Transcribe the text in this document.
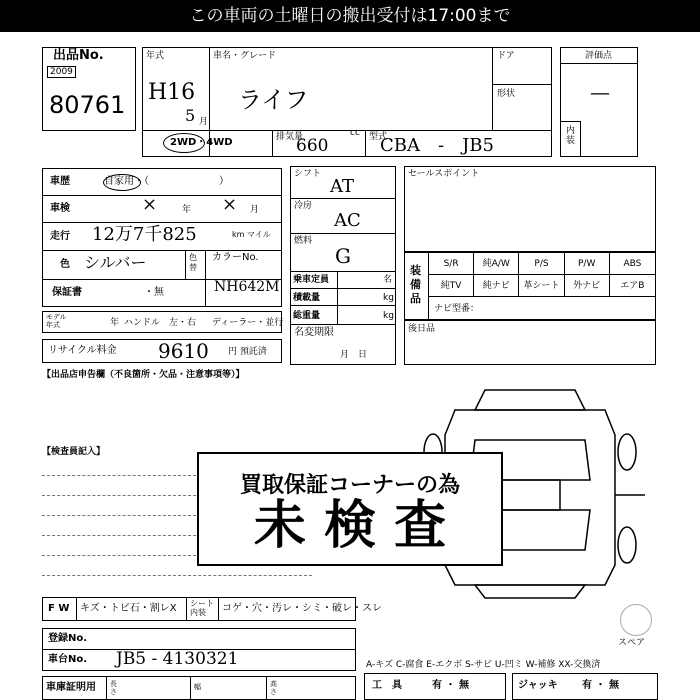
この車両の土曜日の搬出受付は17:00まで
出品No.
2009
80761
年式
H16
5 月
車名・グレード
ライフ
ドア
形状
2WD・4WD	排気量	cc
660	型式
CBA　-　JB5
評価点
—
内装
車歴	自家用・（　　　　　　　）
車検	×	年 × 月
走行 12万7千825	km マイル
色 シルバー	色替
カラーNo.
NH642M
保証書	・無
モデル年式	年 ハンドル　左・右 ディーラー・並行
リサイクル料金 9610 円 預託済
シフト
AT
冷房
AC
燃料
G
乗車定員	名
積載量	kg
総重量	kg
名変期限
月　日
セールスポイント
装備品
S/R	純A/W	P/S	P/W	ABS
純TV	純ナビ	革シート	外ナビ	エアB
ナビ型番：
後日品
【出品店申告欄（不良箇所・欠品・注意事項等）】
【検査員記入】
スペア
買取保証コーナーの為
未 検 査
A-キズ C-腐食 E-エクボ S-サビ U-凹ミ W-補修 XX-交換済
F W キズ・トビ石・割レX シート内装	コゲ・穴・汚レ・シミ・破レ・スレ
登録No.
車台No. JB5 - 4130321
車庫証明用 長さ
幅	高さ
工　具	有 ・ 無	ジャッキ 有 ・ 無
